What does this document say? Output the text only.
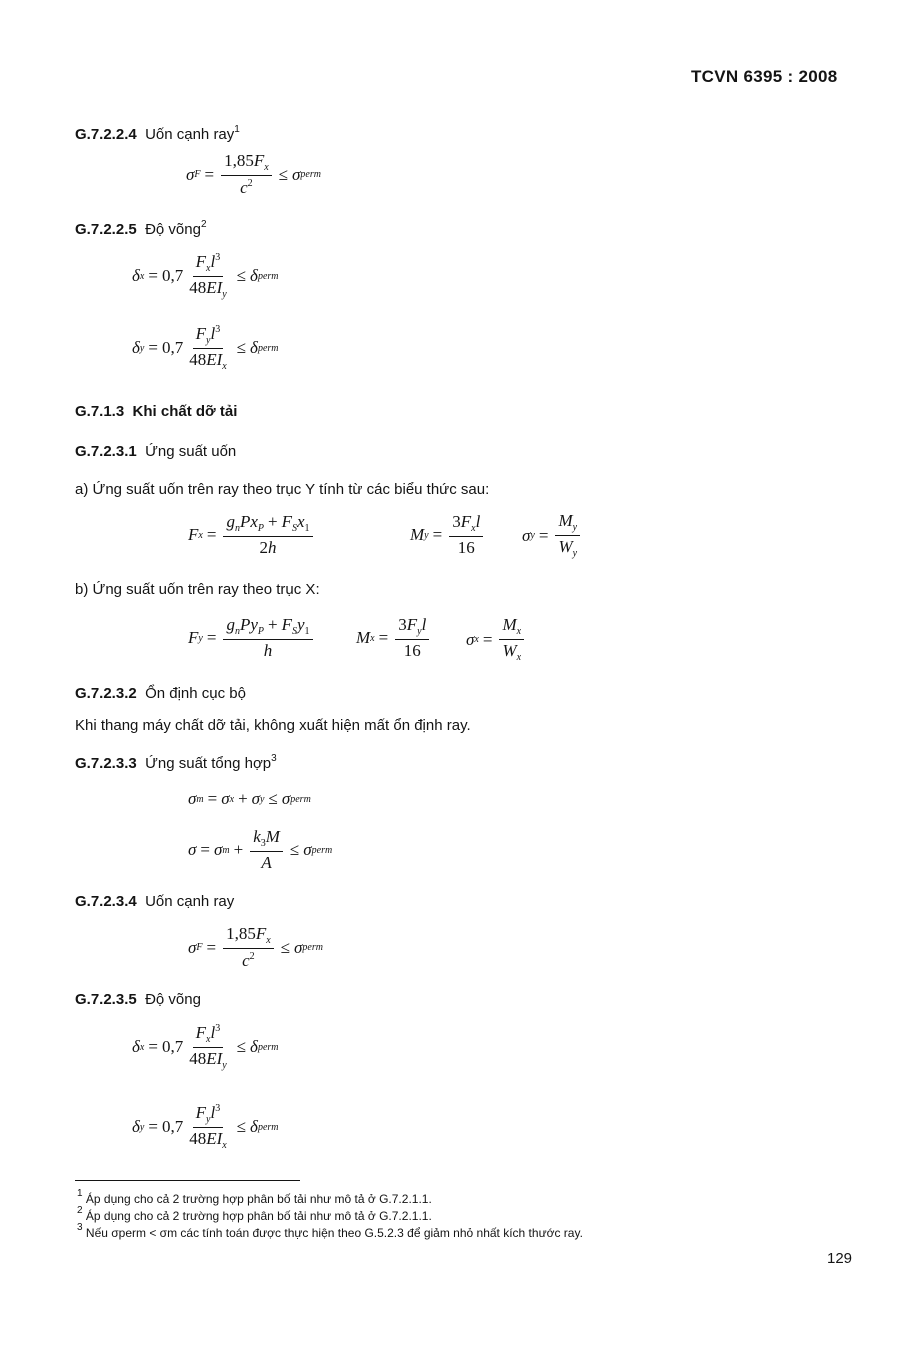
TCVN 6395 : 2008
G.7.2.2.4 Uốn cạnh ray$^1$
σ $F = \frac{1,85F_x}{c^2} \le \sigma$ perm
G.7.2.2.5 Độ võng$^2$
δ $x = 0,7 \frac{F_xl^3}{48EI_y} \le \delta$ perm
δ $y = 0,7 \frac{F_yl^3}{48EI_x} \le \delta$ perm
G.7.1.3 Khi chất dỡ tải
G.7.2.3.1 Ứng suất uốn
a) Ứng suất uốn trên ray theo trục Y tính từ các biểu thức sau:
F $x = \frac{g_nPx_P + F_Sx_1}{2h}$	M $y = \frac{3F_xl}{16}$ σ $y = \frac{M_y}{W_y}$
b) Ứng suất uốn trên ray theo trục X:
F $y = \frac{g_nPy_P + F_Sy_1}{h}$	M $x = \frac{3F_yl}{16}$ σ $x = \frac{M_x}{W_x}$
G.7.2.3.2 Ổn định cục bộ
Khi thang máy chất dỡ tải, không xuất hiện mất ổn định ray.
G.7.2.3.3 Ứng suất tổng hợp$^3$
σ m = σ x + σ y ≤ σ perm
σ = σ $m + \frac{k_3M}{A} \le \sigma$ perm
G.7.2.3.4 Uốn cạnh ray
σ $F = \frac{1,85F_x}{c^2} \le \sigma$ perm
G.7.2.3.5 Độ võng
δ $x = 0,7 \frac{F_xl^3}{48EI_y} \le \delta$ perm
δ $y = 0,7 \frac{F_yl^3}{48EI_x} \le \delta$ perm
$^1$ Áp dụng cho cả 2 trường hợp phân bố tải như mô tả ở G.7.2.1.1.
$^2$ Áp dụng cho cả 2 trường hợp phân bố tải như mô tả ở G.7.2.1.1.
$^3$ Nếu σperm < σm các tính toán được thực hiện theo G.5.2.3 để giảm nhỏ nhất kích thước ray.
129
